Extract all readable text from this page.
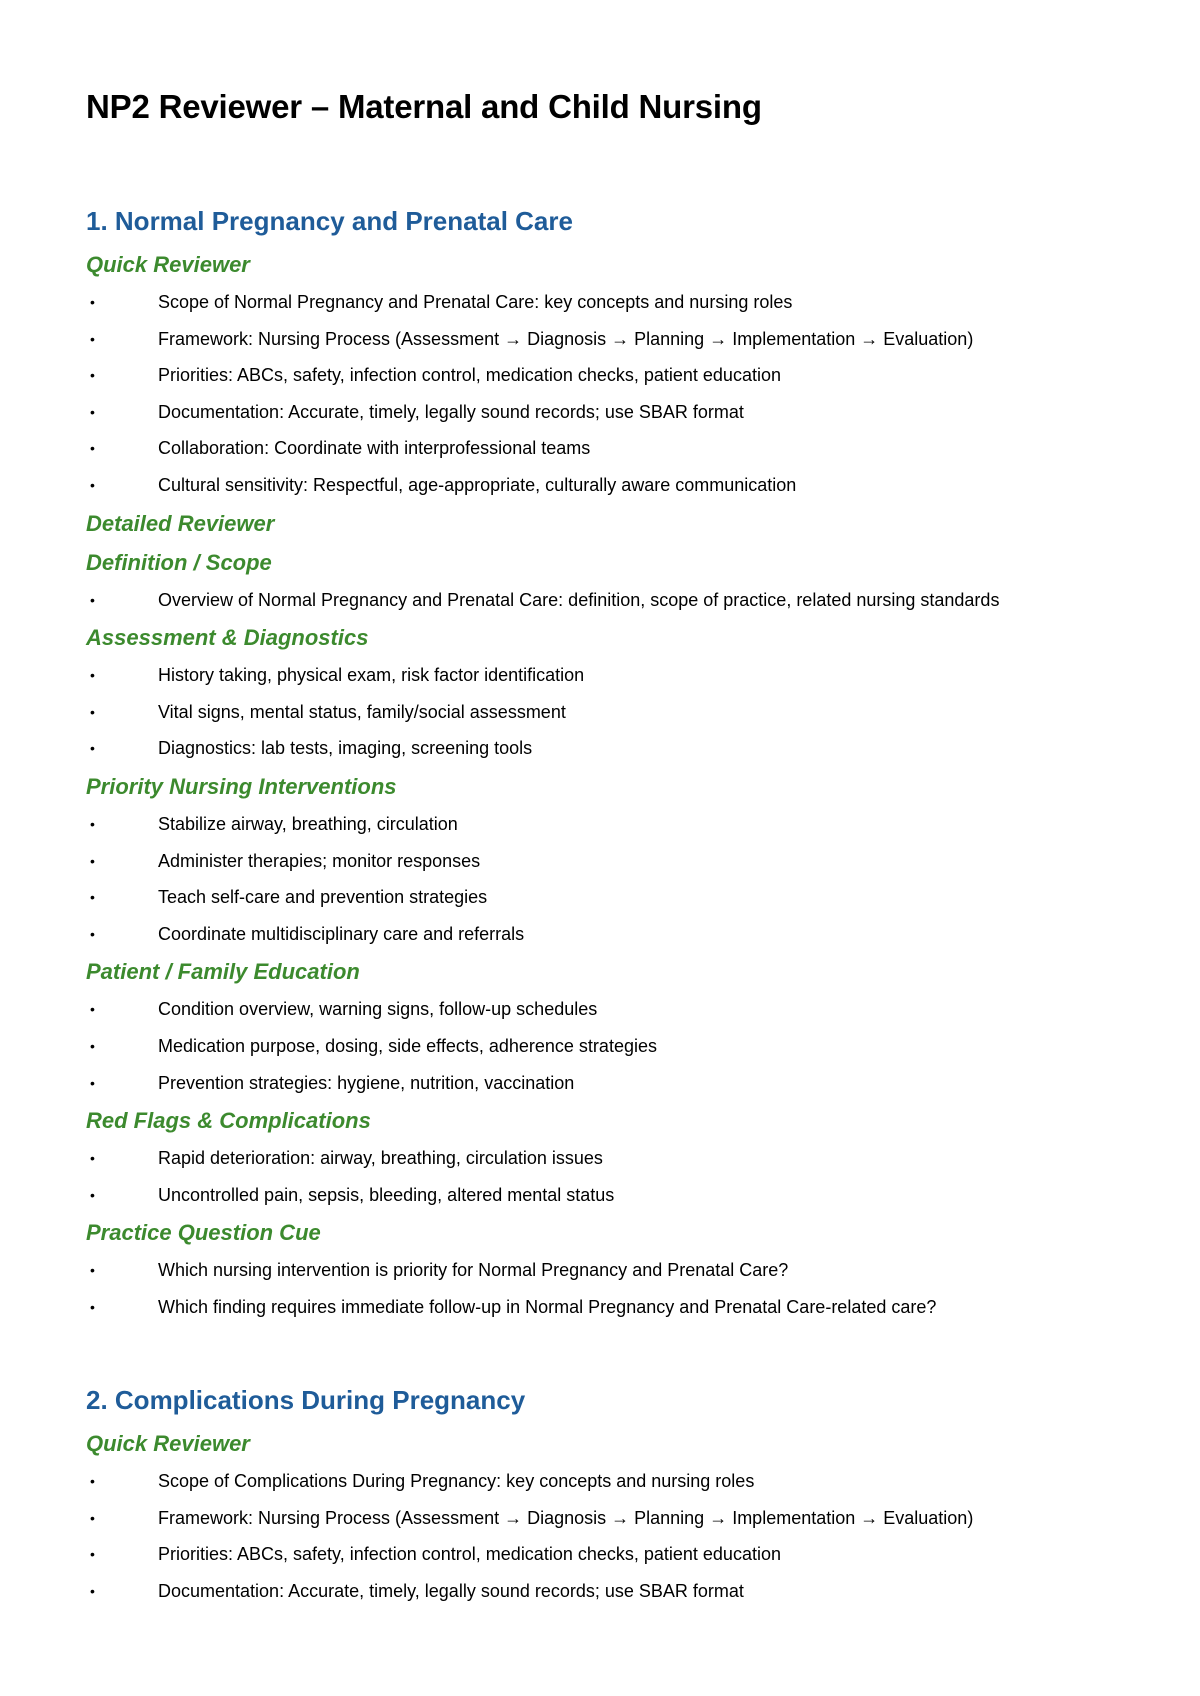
NP2 Reviewer – Maternal and Child Nursing
1. Normal Pregnancy and Prenatal Care
Quick Reviewer
•	Scope of Normal Pregnancy and Prenatal Care: key concepts and nursing roles
•	Framework: Nursing Process (Assessment → Diagnosis → Planning → Implementation → Evaluation)
•	Priorities: ABCs, safety, infection control, medication checks, patient education
•	Documentation: Accurate, timely, legally sound records; use SBAR format
•	Collaboration: Coordinate with interprofessional teams
•	Cultural sensitivity: Respectful, age-appropriate, culturally aware communication
Detailed Reviewer
Definition / Scope
•	Overview of Normal Pregnancy and Prenatal Care: definition, scope of practice, related nursing standards
Assessment & Diagnostics
•	History taking, physical exam, risk factor identification
•	Vital signs, mental status, family/social assessment
•	Diagnostics: lab tests, imaging, screening tools
Priority Nursing Interventions
•	Stabilize airway, breathing, circulation
•	Administer therapies; monitor responses
•	Teach self-care and prevention strategies
•	Coordinate multidisciplinary care and referrals
Patient / Family Education
•	Condition overview, warning signs, follow-up schedules
•	Medication purpose, dosing, side effects, adherence strategies
•	Prevention strategies: hygiene, nutrition, vaccination
Red Flags & Complications
•	Rapid deterioration: airway, breathing, circulation issues
•	Uncontrolled pain, sepsis, bleeding, altered mental status
Practice Question Cue
•	Which nursing intervention is priority for Normal Pregnancy and Prenatal Care?
•	Which finding requires immediate follow-up in Normal Pregnancy and Prenatal Care-related care?
2. Complications During Pregnancy
Quick Reviewer
•	Scope of Complications During Pregnancy: key concepts and nursing roles
•	Framework: Nursing Process (Assessment → Diagnosis → Planning → Implementation → Evaluation)
•	Priorities: ABCs, safety, infection control, medication checks, patient education
•	Documentation: Accurate, timely, legally sound records; use SBAR format
